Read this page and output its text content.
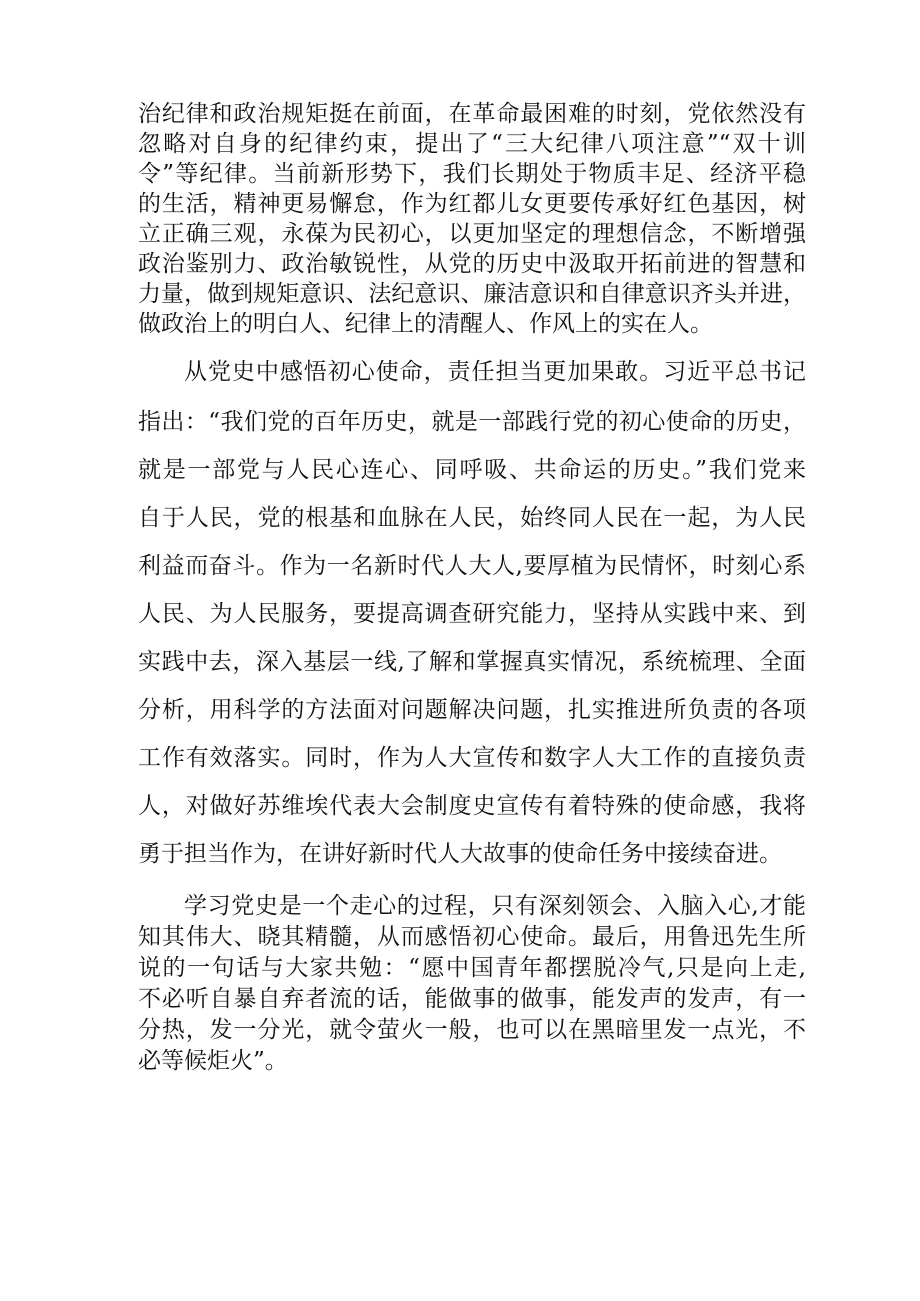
治纪律和政治规矩挺在前面，在革命最困难的时刻，党依然没有

忽略对自身的纪律约束，提出了“三大纪律八项注意”“双十训

令”等纪律。当前新形势下，我们长期处于物质丰足、经济平稳

的生活，精神更易懈怠，作为红都儿女更要传承好红色基因，树

立正确三观，永葆为民初心，以更加坚定的理想信念，不断增强

政治鉴别力、政治敏锐性，从党的历史中汲取开拓前进的智慧和

力量，做到规矩意识、法纪意识、廉洁意识和自律意识齐头并进，

做政治上的明白人、纪律上的清醒人、作风上的实在人。

从党史中感悟初心使命，责任担当更加果敢。习近平总书记

指出：“我们党的百年历史，就是一部践行党的初心使命的历史，

就是一部党与人民心连心、同呼吸、共命运的历史。”我们党来

自于人民，党的根基和血脉在人民，始终同人民在一起，为人民

利益而奋斗。作为一名新时代人大人,要厚植为民情怀，时刻心系

人民、为人民服务，要提高调查研究能力，坚持从实践中来、到

实践中去，深入基层一线,了解和掌握真实情况，系统梳理、全面

分析，用科学的方法面对问题解决问题，扎实推进所负责的各项

工作有效落实。同时，作为人大宣传和数字人大工作的直接负责

人，对做好苏维埃代表大会制度史宣传有着特殊的使命感，我将

勇于担当作为，在讲好新时代人大故事的使命任务中接续奋进。

学习党史是一个走心的过程，只有深刻领会、入脑入心,才能

知其伟大、晓其精髓，从而感悟初心使命。最后，用鲁迅先生所

说的一句话与大家共勉：“愿中国青年都摆脱冷气,只是向上走,

不必听自暴自弃者流的话，能做事的做事，能发声的发声，有一

分热，发一分光，就令萤火一般，也可以在黑暗里发一点光，不

必等候炬火”。
